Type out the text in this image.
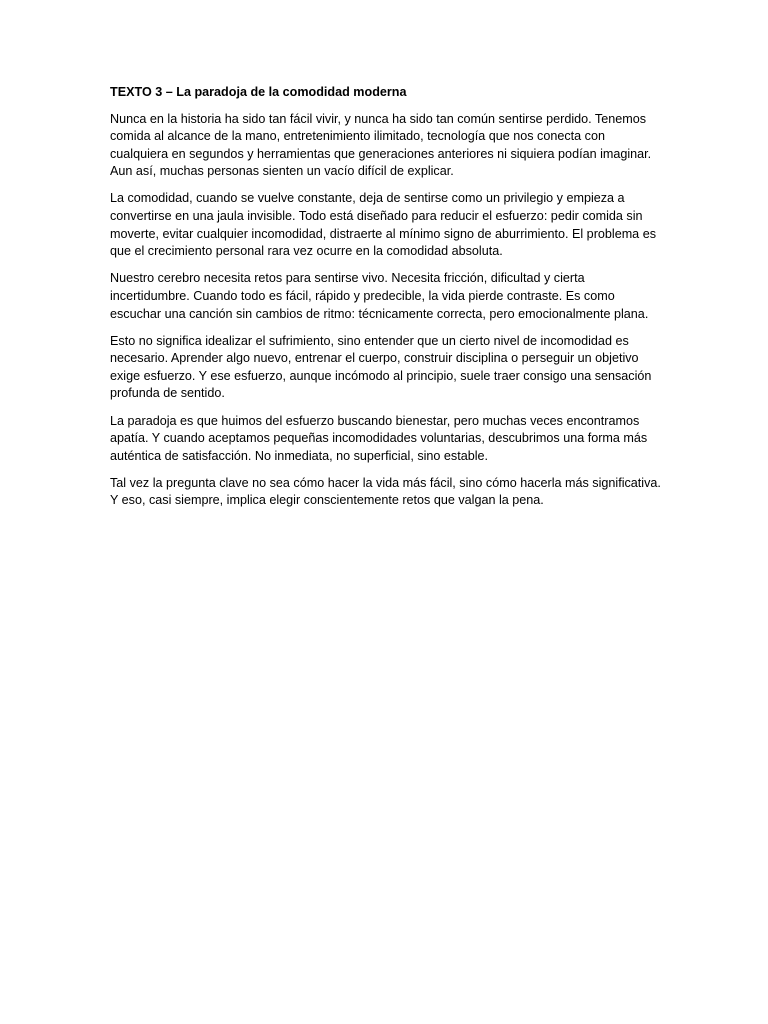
TEXTO 3 – La paradoja de la comodidad moderna

Nunca en la historia ha sido tan fácil vivir, y nunca ha sido tan común sentirse perdido. Tenemos comida al alcance de la mano, entretenimiento ilimitado, tecnología que nos conecta con cualquiera en segundos y herramientas que generaciones anteriores ni siquiera podían imaginar. Aun así, muchas personas sienten un vacío difícil de explicar.

La comodidad, cuando se vuelve constante, deja de sentirse como un privilegio y empieza a convertirse en una jaula invisible. Todo está diseñado para reducir el esfuerzo: pedir comida sin moverte, evitar cualquier incomodidad, distraerte al mínimo signo de aburrimiento. El problema es que el crecimiento personal rara vez ocurre en la comodidad absoluta.

Nuestro cerebro necesita retos para sentirse vivo. Necesita fricción, dificultad y cierta incertidumbre. Cuando todo es fácil, rápido y predecible, la vida pierde contraste. Es como escuchar una canción sin cambios de ritmo: técnicamente correcta, pero emocionalmente plana.

Esto no significa idealizar el sufrimiento, sino entender que un cierto nivel de incomodidad es necesario. Aprender algo nuevo, entrenar el cuerpo, construir disciplina o perseguir un objetivo exige esfuerzo. Y ese esfuerzo, aunque incómodo al principio, suele traer consigo una sensación profunda de sentido.

La paradoja es que huimos del esfuerzo buscando bienestar, pero muchas veces encontramos apatía. Y cuando aceptamos pequeñas incomodidades voluntarias, descubrimos una forma más auténtica de satisfacción. No inmediata, no superficial, sino estable.

Tal vez la pregunta clave no sea cómo hacer la vida más fácil, sino cómo hacerla más significativa. Y eso, casi siempre, implica elegir conscientemente retos que valgan la pena.
